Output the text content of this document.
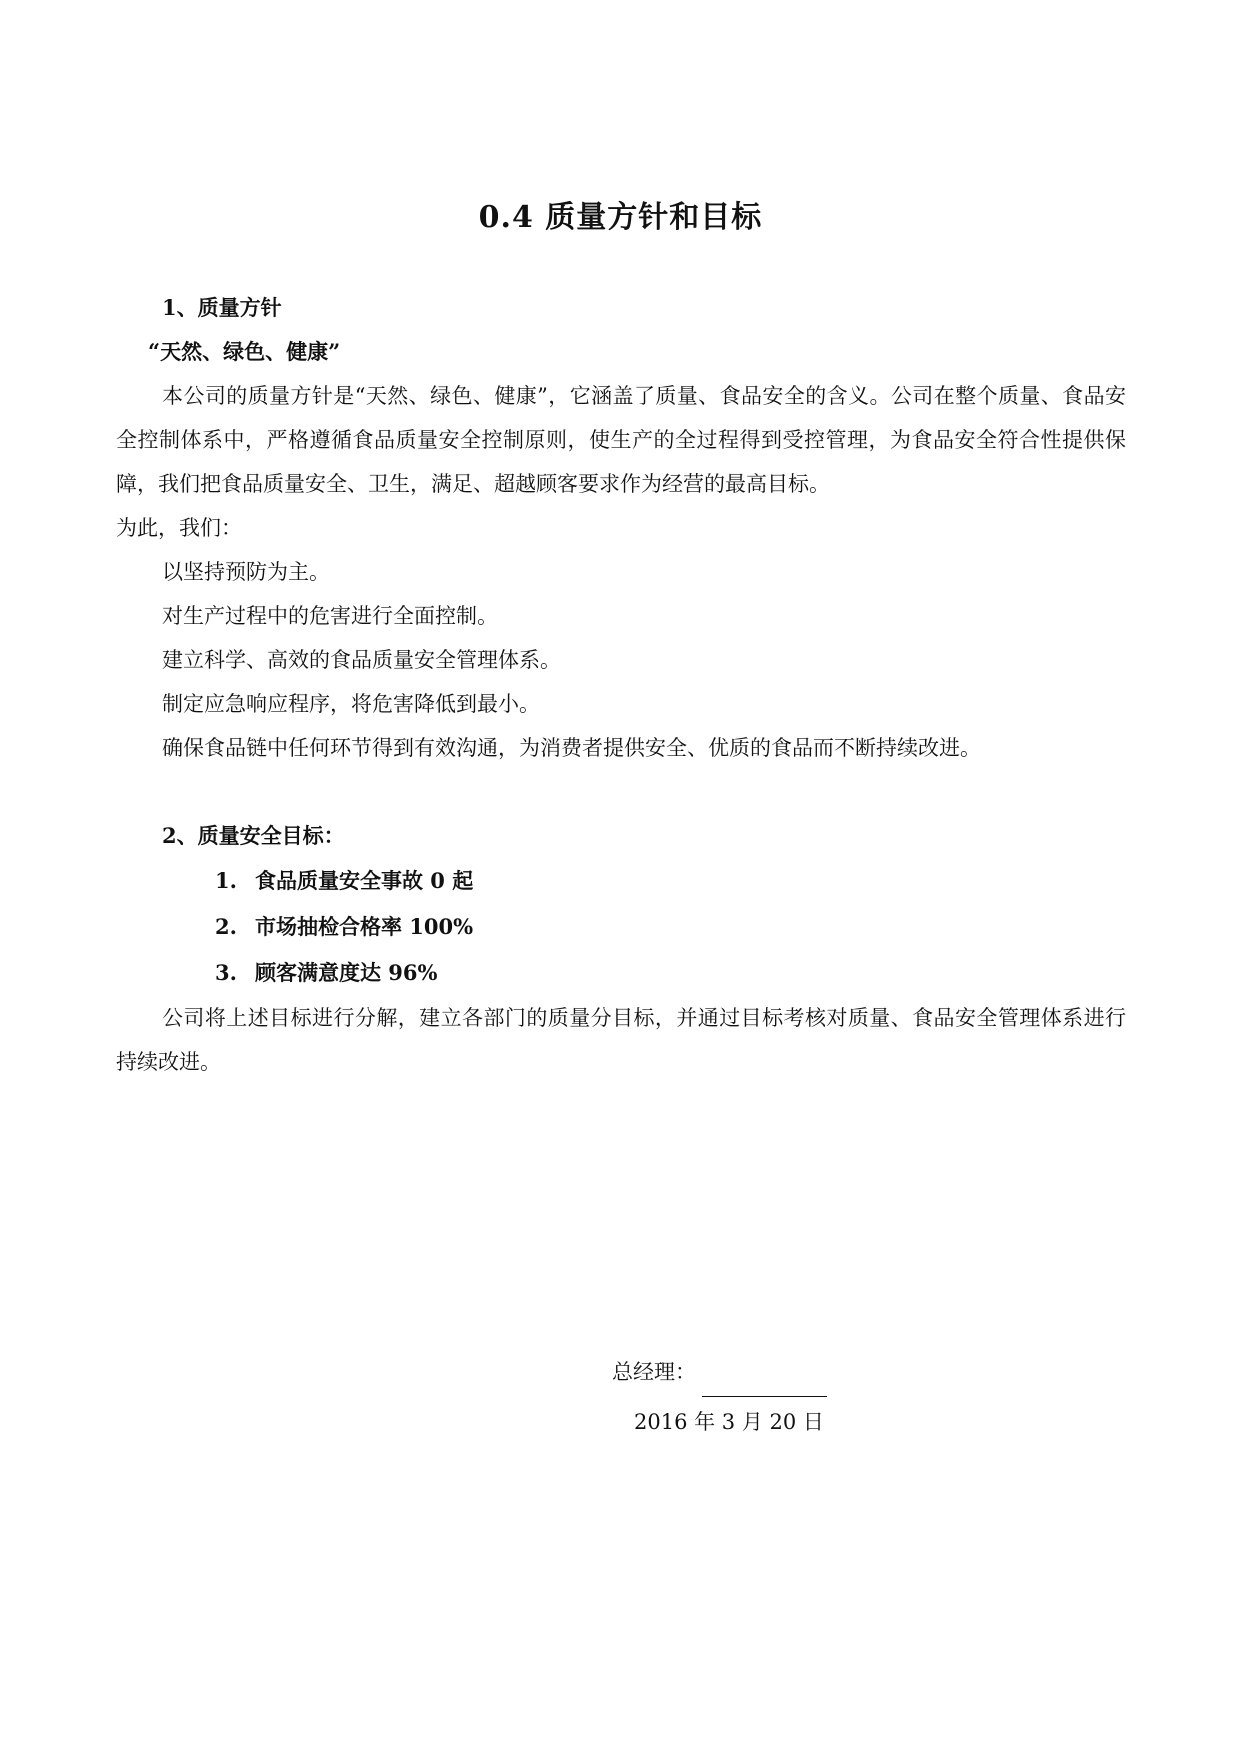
0.4 质量方针和目标

1、质量方针

“天然、绿色、健康”

本公司的质量方针是“天然、绿色、健康”，它涵盖了质量、食品安全的含义。公司在整个质量、食品安全控制体系中，严格遵循食品质量安全控制原则，使生产的全过程得到受控管理，为食品安全符合性提供保障，我们把食品质量安全、卫生，满足、超越顾客要求作为经营的最高目标。

为此，我们：

以坚持预防为主。

对生产过程中的危害进行全面控制。

建立科学、高效的食品质量安全管理体系。

制定应急响应程序，将危害降低到最小。

确保食品链中任何环节得到有效沟通，为消费者提供安全、优质的食品而不断持续改进。

2、质量安全目标：

1. 食品质量安全事故 0 起
2. 市场抽检合格率 100%
3. 顾客满意度达 96%

公司将上述目标进行分解，建立各部门的质量分目标，并通过目标考核对质量、食品安全管理体系进行持续改进。

总经理：
2016 年 3 月 20 日
